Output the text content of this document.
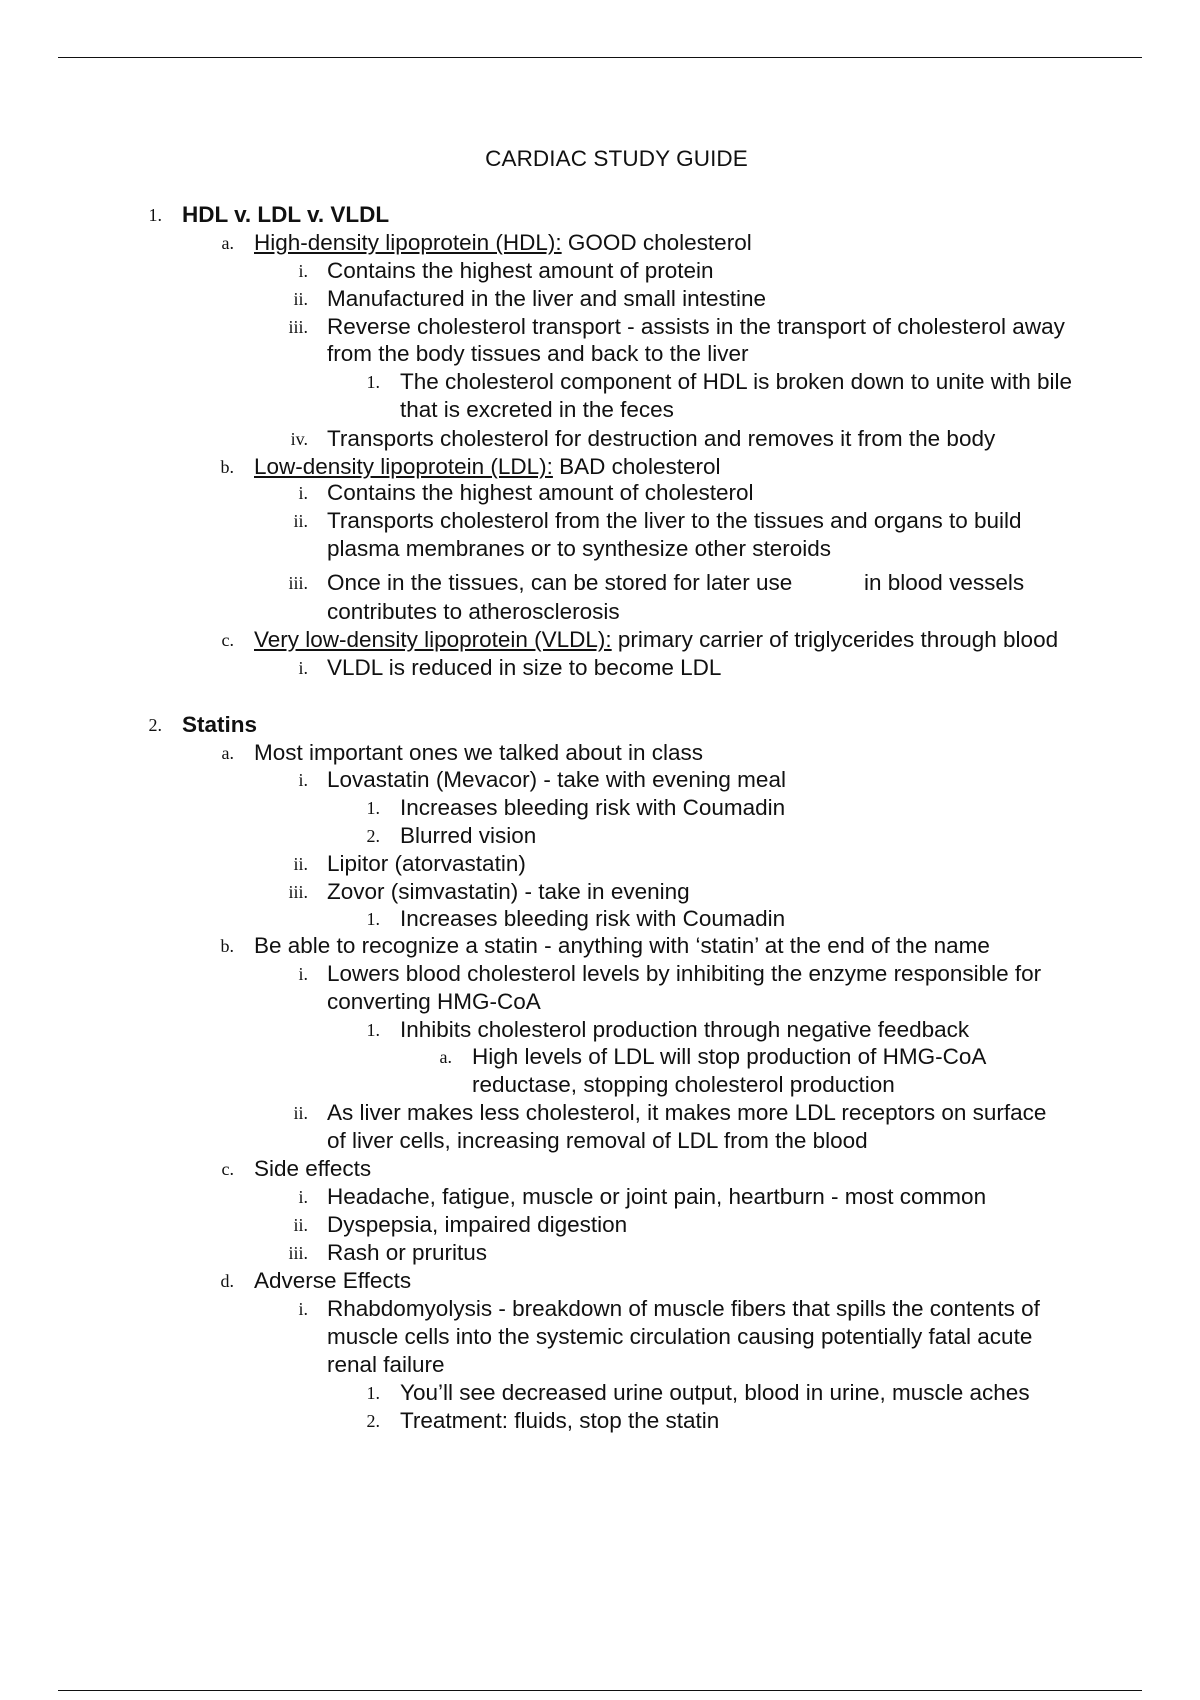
CARDIAC STUDY GUIDE
1. HDL v. LDL v. VLDL
a. High-density lipoprotein (HDL): GOOD cholesterol
i. Contains the highest amount of protein
ii. Manufactured in the liver and small intestine
iii. Reverse cholesterol transport - assists in the transport of cholesterol away
from the body tissues and back to the liver
1. The cholesterol component of HDL is broken down to unite with bile
that is excreted in the feces
iv. Transports cholesterol for destruction and removes it from the body
b. Low-density lipoprotein (LDL): BAD cholesterol
i. Contains the highest amount of cholesterol
ii. Transports cholesterol from the liver to the tissues and organs to build
plasma membranes or to synthesize other steroids
iii. Once in the tissues, can be stored for later use	in blood vessels
contributes to atherosclerosis
c. Very low-density lipoprotein (VLDL): primary carrier of triglycerides through blood
i. VLDL is reduced in size to become LDL
2. Statins
a. Most important ones we talked about in class
i. Lovastatin (Mevacor) - take with evening meal
1. Increases bleeding risk with Coumadin
2. Blurred vision
ii. Lipitor (atorvastatin)
iii. Zovor (simvastatin) - take in evening
1. Increases bleeding risk with Coumadin
b. Be able to recognize a statin - anything with ‘statin’ at the end of the name
i. Lowers blood cholesterol levels by inhibiting the enzyme responsible for
converting HMG-CoA
1. Inhibits cholesterol production through negative feedback
a. High levels of LDL will stop production of HMG-CoA
reductase, stopping cholesterol production
ii. As liver makes less cholesterol, it makes more LDL receptors on surface
of liver cells, increasing removal of LDL from the blood
c. Side effects
i. Headache, fatigue, muscle or joint pain, heartburn - most common
ii. Dyspepsia, impaired digestion
iii. Rash or pruritus
d. Adverse Effects
i. Rhabdomyolysis - breakdown of muscle fibers that spills the contents of
muscle cells into the systemic circulation causing potentially fatal acute
renal failure
1. You’ll see decreased urine output, blood in urine, muscle aches
2. Treatment: fluids, stop the statin
